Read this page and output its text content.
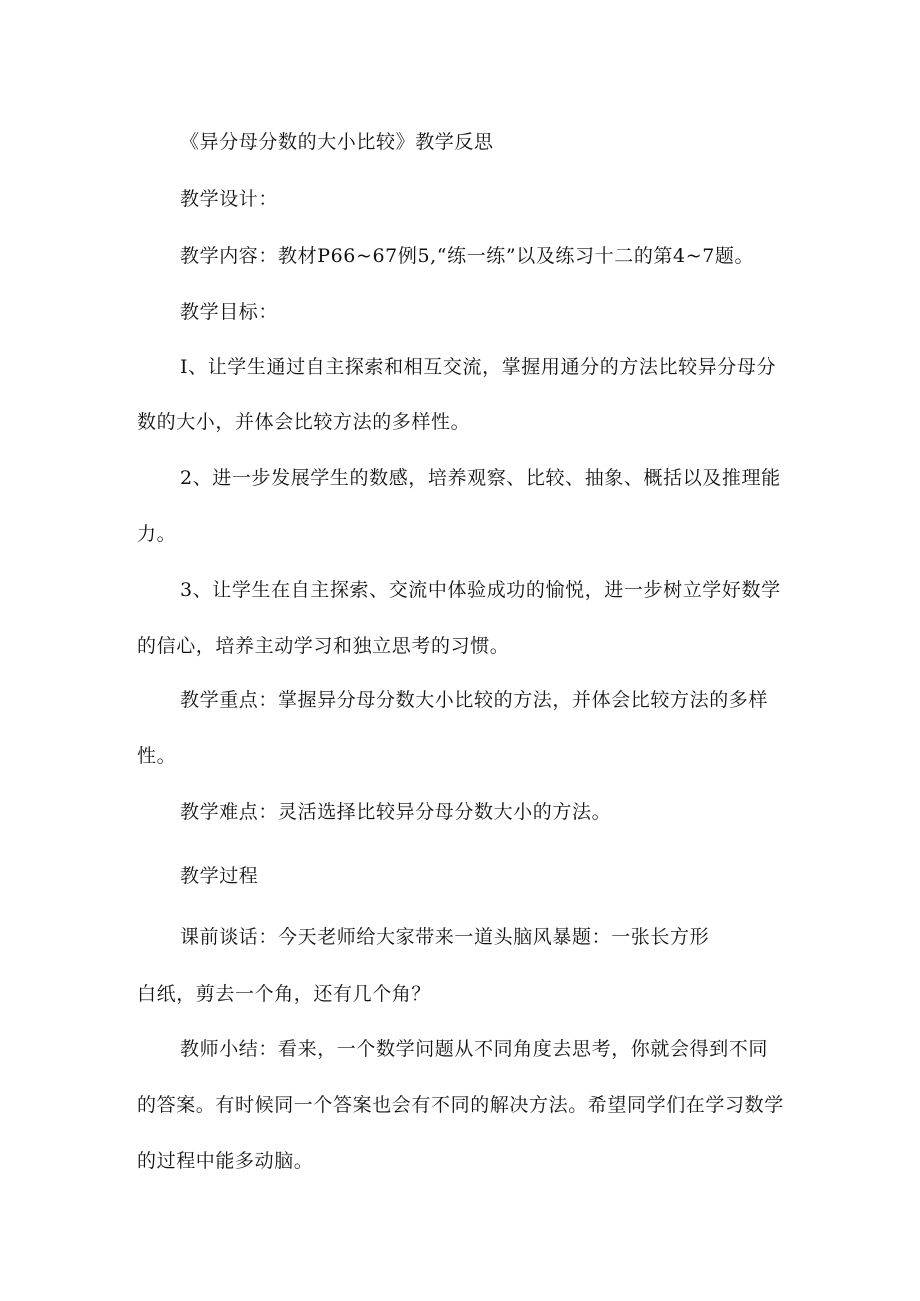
《异分母分数的大小比较》教学反思
教学设计：
教学内容：教材P66~67例5,“练一练”以及练习十二的第4~7题。
教学目标：
I、让学生通过自主探索和相互交流，掌握用通分的方法比较异分母分
数的大小，并体会比较方法的多样性。
2、进一步发展学生的数感，培养观察、比较、抽象、概括以及推理能
力。
3、让学生在自主探索、交流中体验成功的愉悦，进一步树立学好数学
的信心，培养主动学习和独立思考的习惯。
教学重点：掌握异分母分数大小比较的方法，并体会比较方法的多样
性。
教学难点：灵活选择比较异分母分数大小的方法。
教学过程
课前谈话：今天老师给大家带来一道头脑风暴题：一张长方形
白纸，剪去一个角，还有几个角？
教师小结：看来，一个数学问题从不同角度去思考，你就会得到不同
的答案。有时候同一个答案也会有不同的解决方法。希望同学们在学习数学
的过程中能多动脑。
